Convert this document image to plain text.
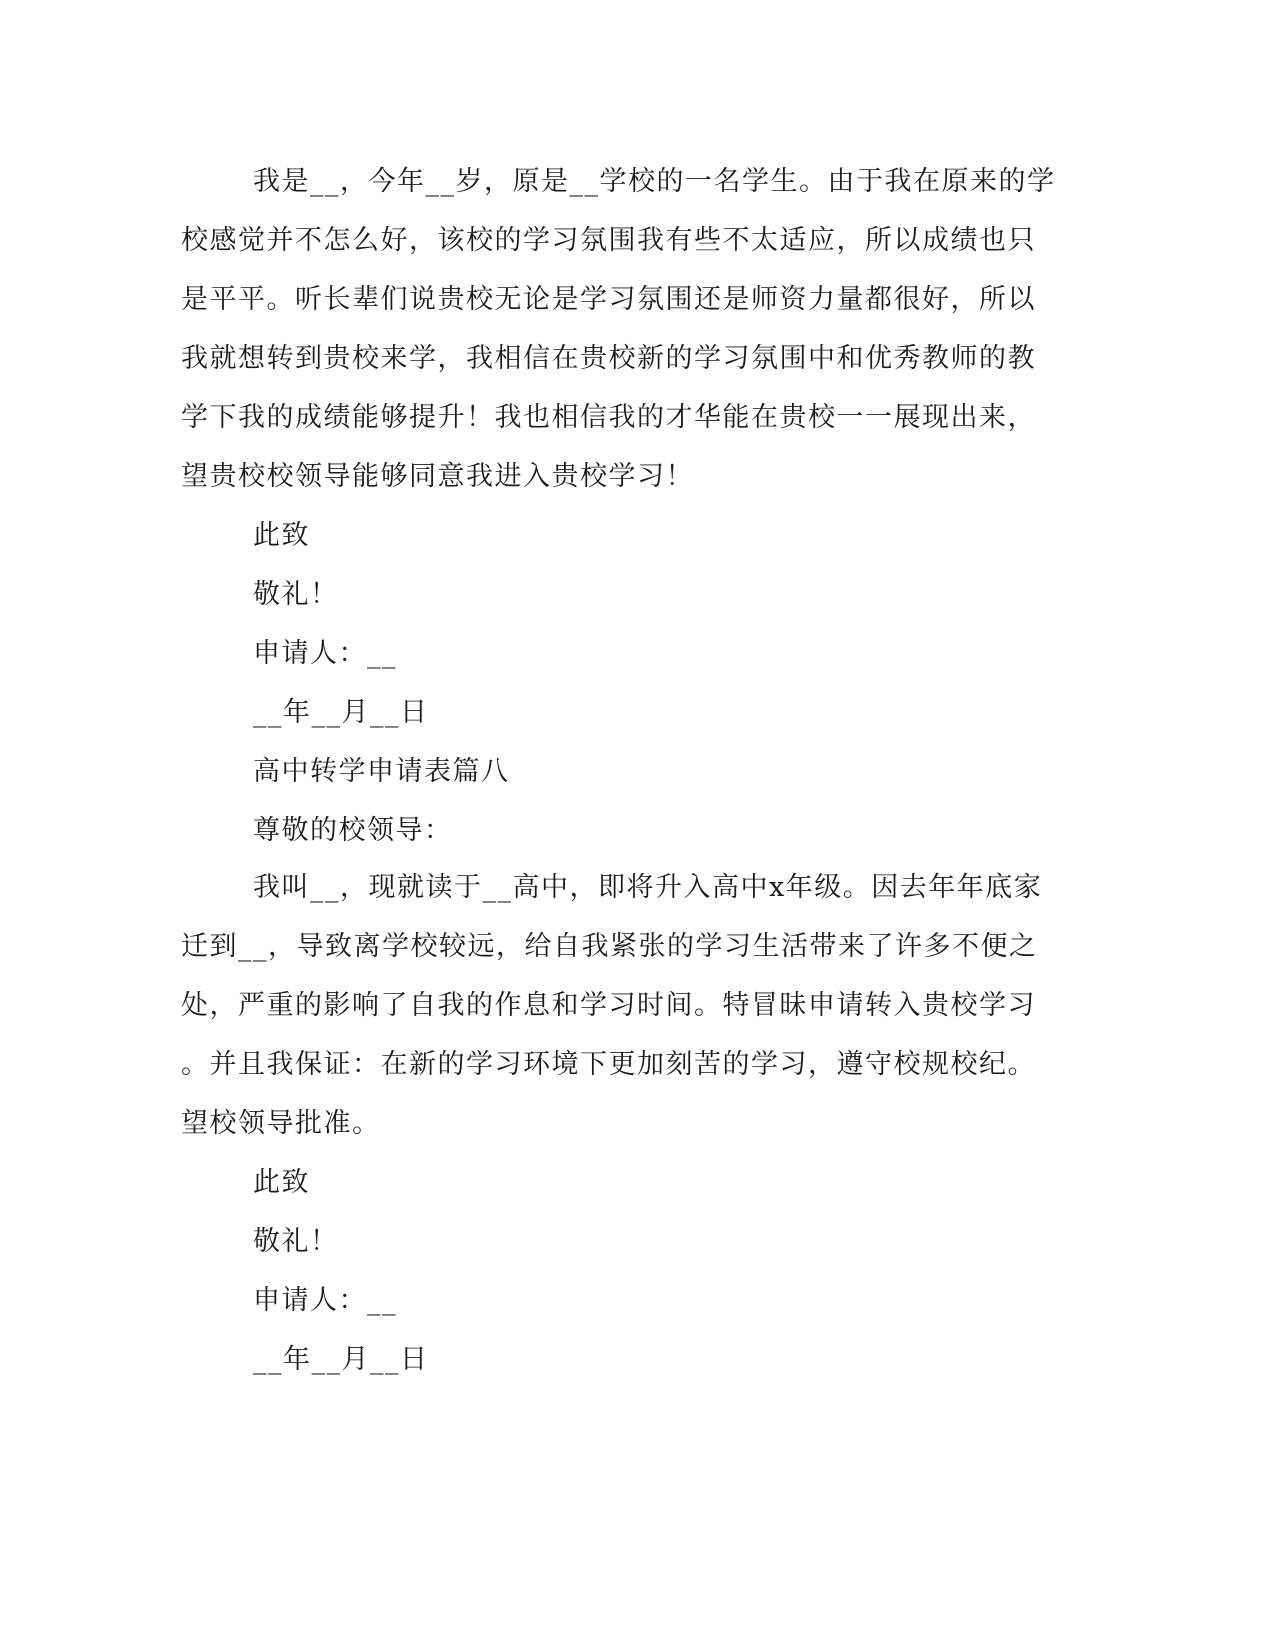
我是__，今年__岁，原是__学校的一名学生。由于我在原来的学
校感觉并不怎么好，该校的学习氛围我有些不太适应，所以成绩也只
是平平。听长辈们说贵校无论是学习氛围还是师资力量都很好，所以
我就想转到贵校来学，我相信在贵校新的学习氛围中和优秀教师的教
学下我的成绩能够提升！我也相信我的才华能在贵校一一展现出来，
望贵校校领导能够同意我进入贵校学习！
此致
敬礼！
申请人：__
__年__月__日
高中转学申请表篇八
尊敬的校领导：
我叫__，现就读于__高中，即将升入高中x年级。因去年年底家
迁到__，导致离学校较远，给自我紧张的学习生活带来了许多不便之
处，严重的影响了自我的作息和学习时间。特冒昧申请转入贵校学习
。并且我保证：在新的学习环境下更加刻苦的学习，遵守校规校纪。
望校领导批准。
此致
敬礼！
申请人：__
__年__月__日
